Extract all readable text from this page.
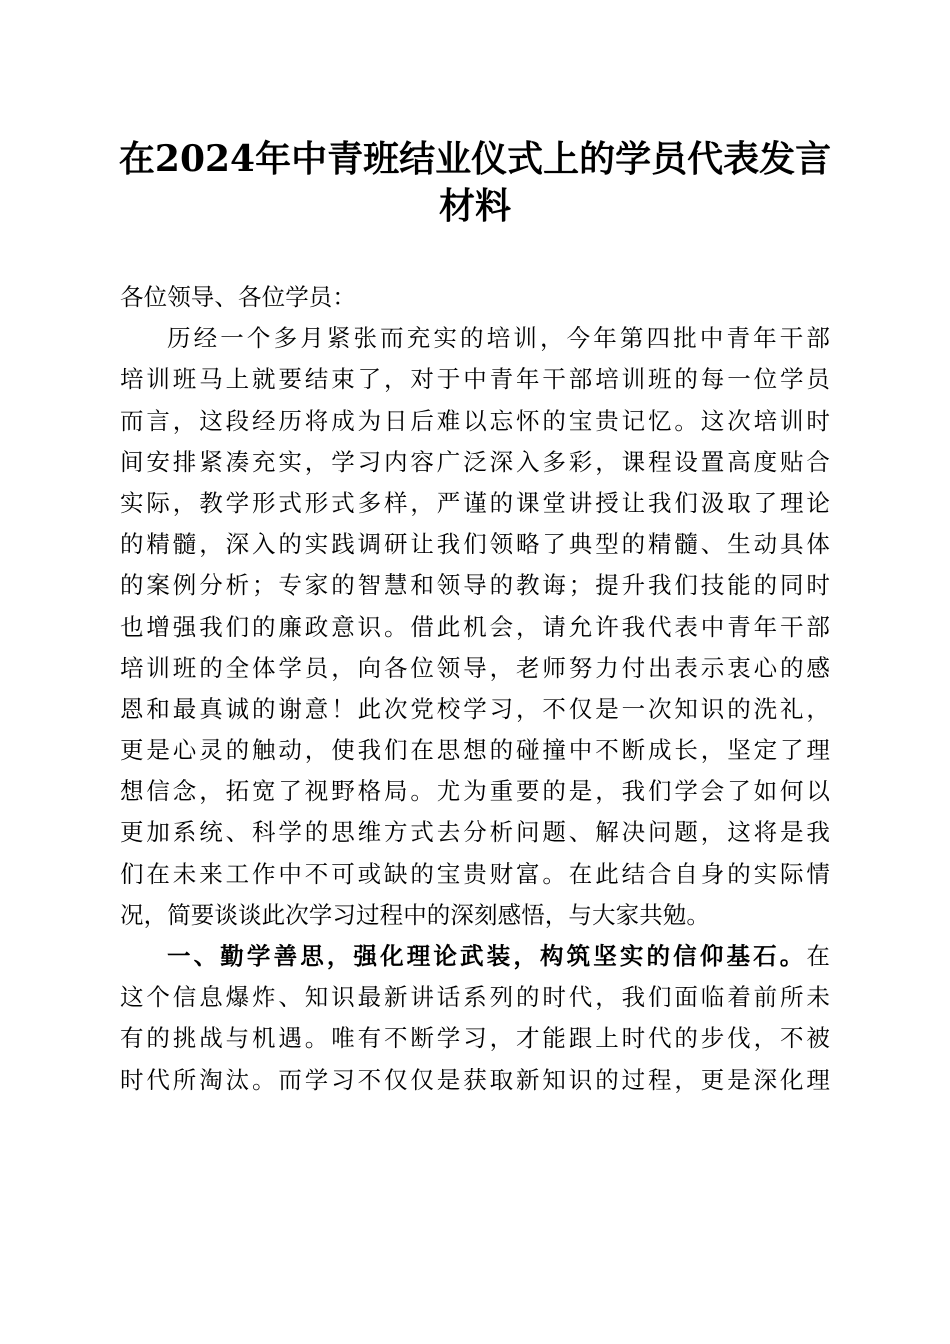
在2024年中青班结业仪式上的学员代表发言
材料
各位领导、各位学员：
历经一个多月紧张而充实的培训，今年第四批中青年干部
培训班马上就要结束了，对于中青年干部培训班的每一位学员
而言，这段经历将成为日后难以忘怀的宝贵记忆。这次培训时
间安排紧凑充实，学习内容广泛深入多彩，课程设置高度贴合
实际，教学形式形式多样，严谨的课堂讲授让我们汲取了理论
的精髓，深入的实践调研让我们领略了典型的精髓、生动具体
的案例分析；专家的智慧和领导的教诲；提升我们技能的同时
也增强我们的廉政意识。借此机会，请允许我代表中青年干部
培训班的全体学员，向各位领导，老师努力付出表示衷心的感
恩和最真诚的谢意！此次党校学习，不仅是一次知识的洗礼，
更是心灵的触动，使我们在思想的碰撞中不断成长，坚定了理
想信念，拓宽了视野格局。尤为重要的是，我们学会了如何以
更加系统、科学的思维方式去分析问题、解决问题，这将是我
们在未来工作中不可或缺的宝贵财富。在此结合自身的实际情
况，简要谈谈此次学习过程中的深刻感悟，与大家共勉。
一、勤学善思，强化理论武装，构筑坚实的信仰基石。在
这个信息爆炸、知识最新讲话系列的时代，我们面临着前所未
有的挑战与机遇。唯有不断学习，才能跟上时代的步伐，不被
时代所淘汰。而学习不仅仅是获取新知识的过程，更是深化理
